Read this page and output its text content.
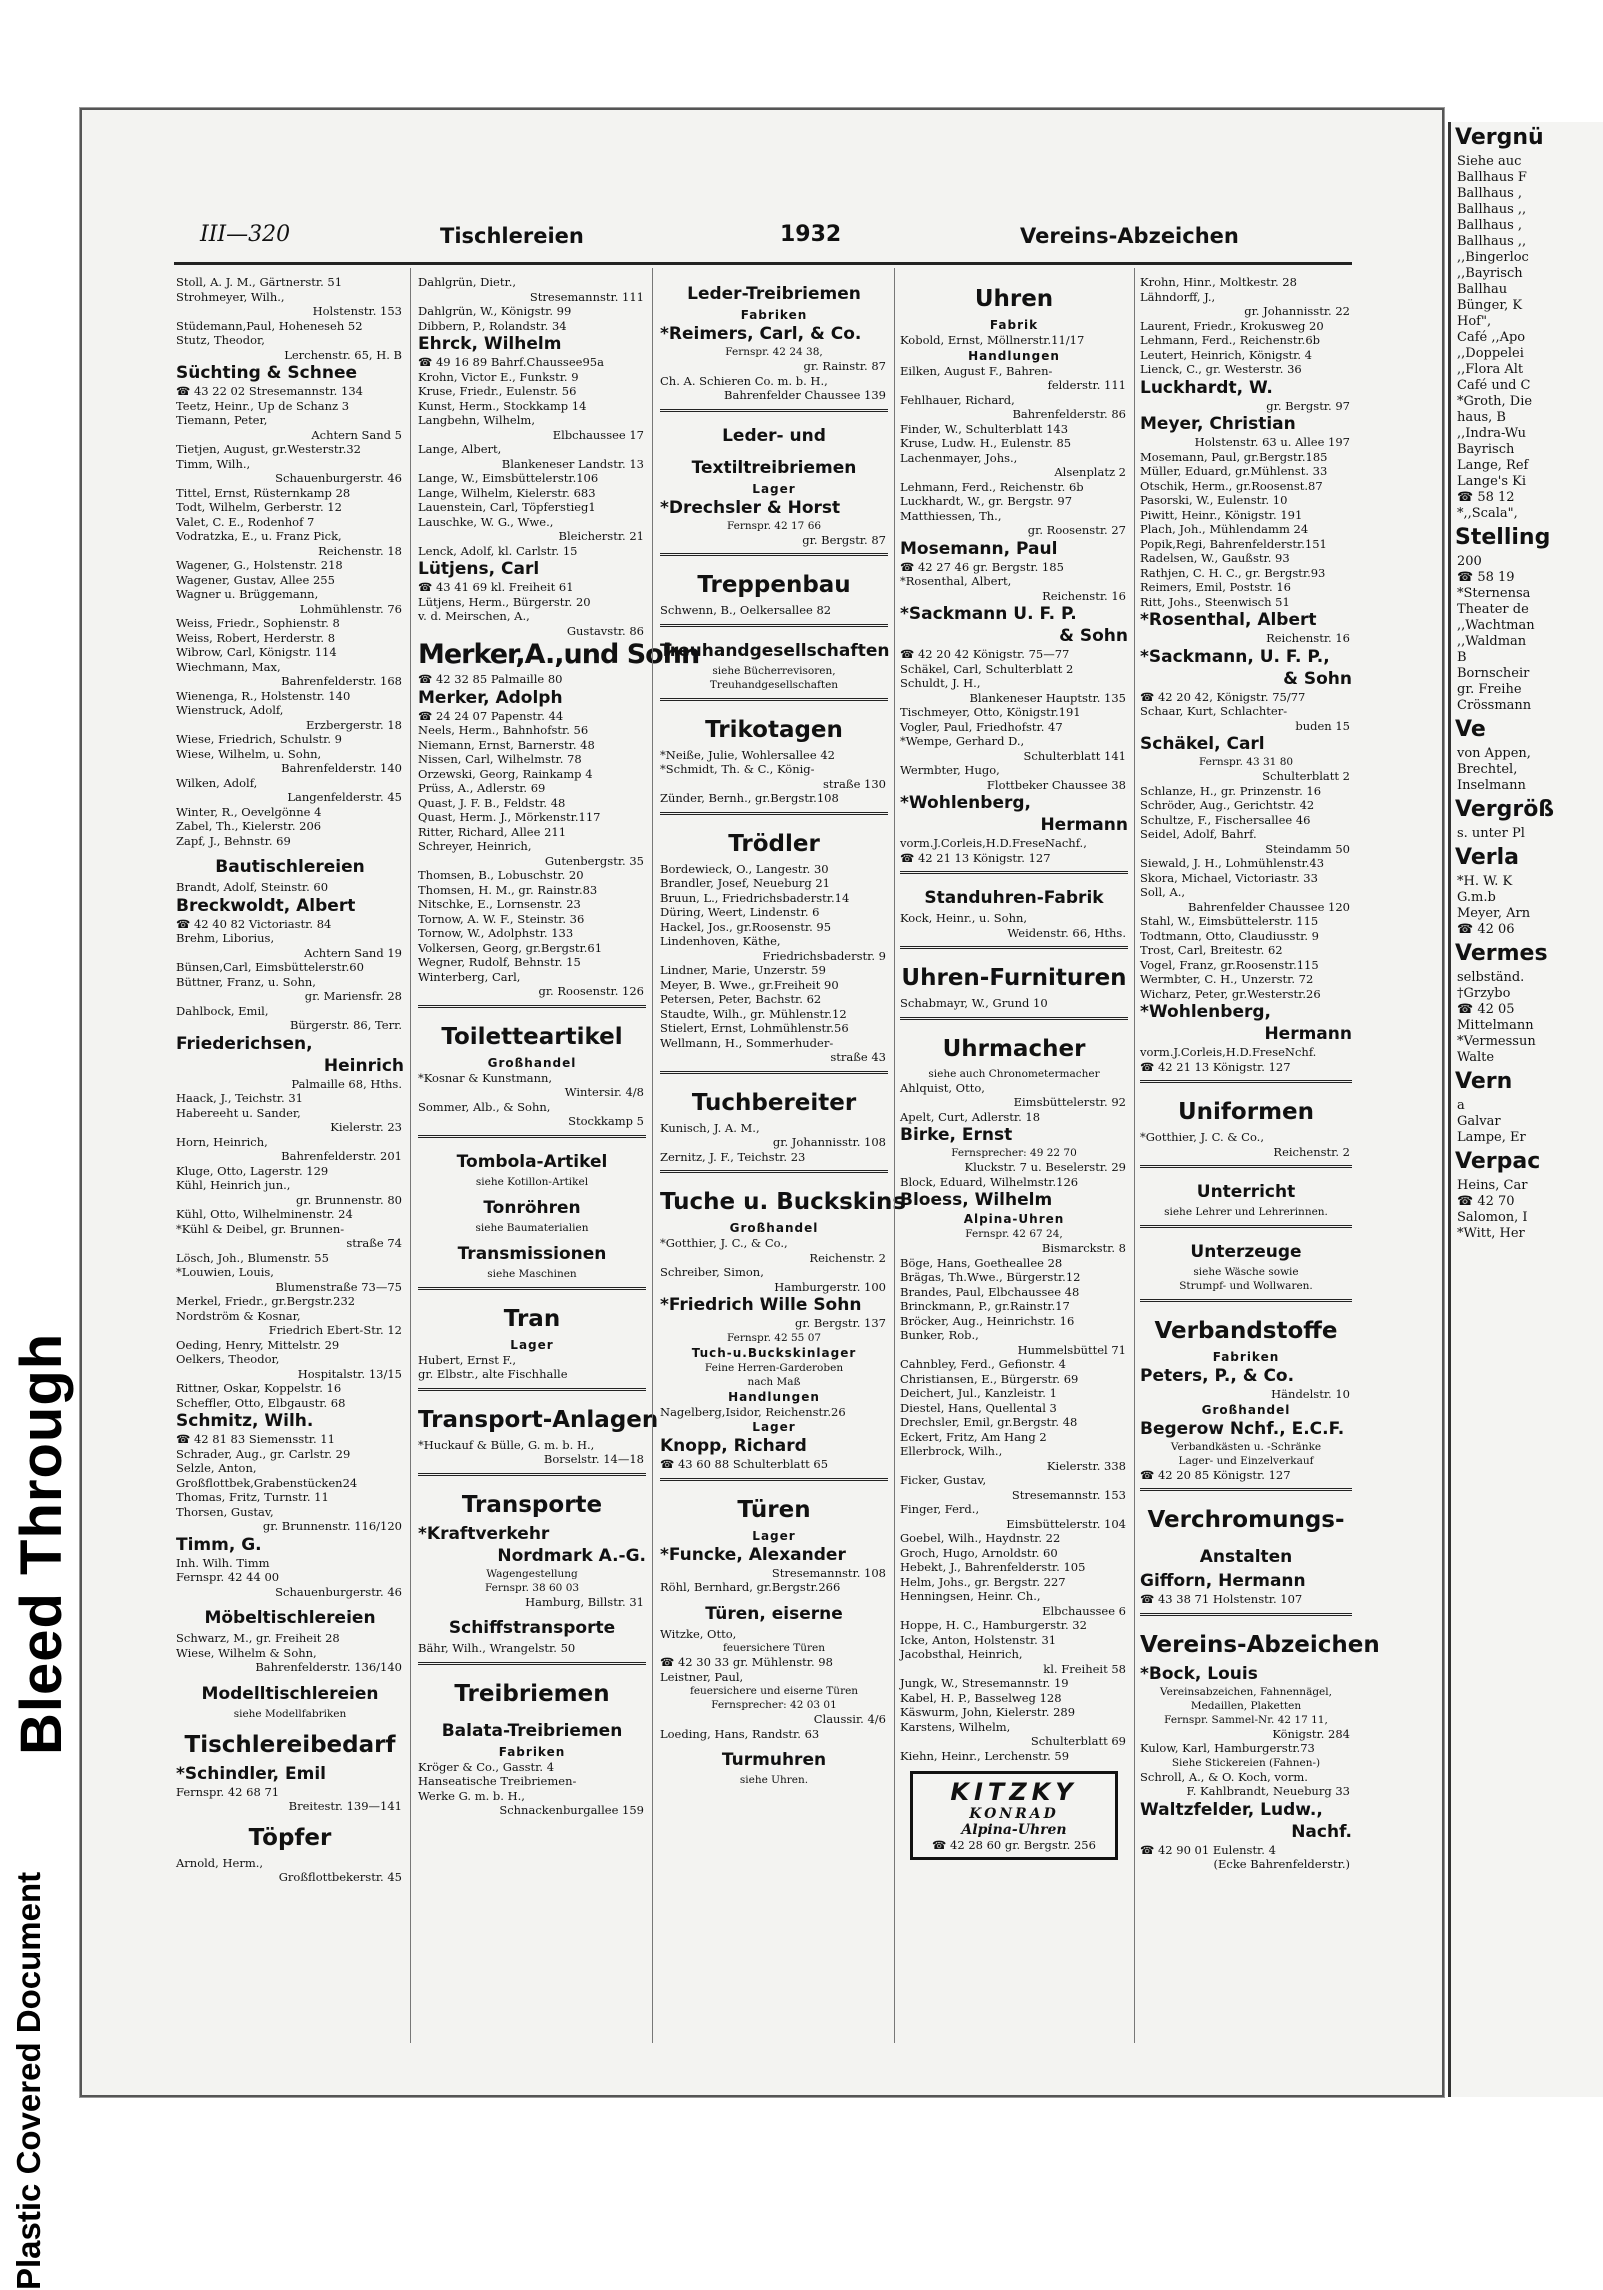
Bleed Through
Plastic Covered Document
Vergnü
Siehe auc
Ballhaus F
Ballhaus ,
Ballhaus ,,
Ballhaus ,
Ballhaus ,,
,,Bingerloc
,,Bayrisch
Ballhau
Bünger, K
Hof",
Café ,,Apo
,,Doppelei
,,Flora Alt
Café und C
*Groth, Die
haus, B
,,Indra-Wu
Bayrisch
Lange, Ref
Lange's Ki
☎ 58 12
*,,Scala",
Stelling
200
☎ 58 19
*Sternensa
Theater de
,,Wachtman
,,Waldman
B
Bornscheir
gr. Freihe
Crössmann
Ve
von Appen,
Brechtel,
Inselmann
Vergröß
s. unter Pl
Verla
*H. W. K
G.m.b
Meyer, Arn
☎ 42 06
Vermes
selbständ.
†Grzybo
☎ 42 05
Mittelmann
*Vermessun
Walte
Vern
a
Galvar
Lampe, Er
Verpac
Heins, Car
☎ 42 70
Salomon, I
*Witt, Her
III—320	Tischlereien	1932	Vereins-Abzeichen
Stoll, A. J. M., Gärtnerstr. 51
Strohmeyer, Wilh.,
Holstenstr. 153
Stüdemann,Paul, Hoheneseh 52
Stutz, Theodor,
Lerchenstr. 65, H. B
Süchting & Schnee
☎ 43 22 02 Stresemannstr. 134
Teetz, Heinr., Up de Schanz 3
Tiemann, Peter,
Achtern Sand 5
Tietjen, August, gr.Westerstr.32
Timm, Wilh.,
Schauenburgerstr. 46
Tittel, Ernst, Rüsternkamp 28
Todt, Wilhelm, Gerberstr. 12
Valet, C. E., Rodenhof 7
Vodratzka, E., u. Franz Pick,
Reichenstr. 18
Wagener, G., Holstenstr. 218
Wagener, Gustav, Allee 255
Wagner u. Brüggemann,
Lohmühlenstr. 76
Weiss, Friedr., Sophienstr. 8
Weiss, Robert, Herderstr. 8
Wibrow, Carl, Königstr. 114
Wiechmann, Max,
Bahrenfelderstr. 168
Wienenga, R., Holstenstr. 140
Wienstruck, Adolf,
Erzbergerstr. 18
Wiese, Friedrich, Schulstr. 9
Wiese, Wilhelm, u. Sohn,
Bahrenfelderstr. 140
Wilken, Adolf,
Langenfelderstr. 45
Winter, R., Oevelgönne 4
Zabel, Th., Kielerstr. 206
Zapf, J., Behnstr. 69
Bautischlereien
Brandt, Adolf, Steinstr. 60
Breckwoldt, Albert
☎ 42 40 82 Victoriastr. 84
Brehm, Liborius,
Achtern Sand 19
Bünsen,Carl, Eimsbüttelerstr.60
Büttner, Franz, u. Sohn,
gr. Mariensfr. 28
Dahlbock, Emil,
Bürgerstr. 86, Terr.
Friederichsen,
Heinrich
Palmaille 68, Hths.
Haack, J., Teichstr. 31
Habereeht u. Sander,
Kielerstr. 23
Horn, Heinrich,
Bahrenfelderstr. 201
Kluge, Otto, Lagerstr. 129
Kühl, Heinrich jun.,
gr. Brunnenstr. 80
Kühl, Otto, Wilhelminenstr. 24
*Kühl & Deibel, gr. Brunnen-
straße 74
Lösch, Joh., Blumenstr. 55
*Louwien, Louis,
Blumenstraße 73—75
Merkel, Friedr., gr.Bergstr.232
Nordström & Kosnar,
Friedrich Ebert-Str. 12
Oeding, Henry, Mittelstr. 29
Oelkers, Theodor,
Hospitalstr. 13/15
Rittner, Oskar, Koppelstr. 16
Scheffler, Otto, Elbgaustr. 68
Schmitz, Wilh.
☎ 42 81 83 Siemensstr. 11
Schrader, Aug., gr. Carlstr. 29
Selzle, Anton,
Großflottbek,Grabenstücken24
Thomas, Fritz, Turnstr. 11
Thorsen, Gustav,
gr. Brunnenstr. 116/120
Timm, G.
Inh. Wilh. Timm
Fernspr. 42 44 00
Schauenburgerstr. 46
Möbeltischlereien
Schwarz, M., gr. Freiheit 28
Wiese, Wilhelm & Sohn,
Bahrenfelderstr. 136/140
Modelltischlereien
siehe Modellfabriken
Tischlereibedarf
*Schindler, Emil
Fernspr. 42 68 71
Breitestr. 139—141
Töpfer
Arnold, Herm.,
Großflottbekerstr. 45
Dahlgrün, Dietr.,
Stresemannstr. 111
Dahlgrün, W., Königstr. 99
Dibbern, P., Rolandstr. 34
Ehrck, Wilhelm
☎ 49 16 89 Bahrf.Chaussee95a
Krohn, Victor E., Funkstr. 9
Kruse, Friedr., Eulenstr. 56
Kunst, Herm., Stockkamp 14
Langbehn, Wilhelm,
Elbchaussee 17
Lange, Albert,
Blankeneser Landstr. 13
Lange, W., Eimsbüttelerstr.106
Lange, Wilhelm, Kielerstr. 683
Lauenstein, Carl, Töpferstieg1
Lauschke, W. G., Wwe.,
Bleicherstr. 21
Lenck, Adolf, kl. Carlstr. 15
Lütjens, Carl
☎ 43 41 69 kl. Freiheit 61
Lütjens, Herm., Bürgerstr. 20
v. d. Meirschen, A.,
Gustavstr. 86
Merker,A.,und Sohn
☎ 42 32 85 Palmaille 80
Merker, Adolph
☎ 24 24 07 Papenstr. 44
Neels, Herm., Bahnhofstr. 56
Niemann, Ernst, Barnerstr. 48
Nissen, Carl, Wilhelmstr. 78
Orzewski, Georg, Rainkamp 4
Prüss, A., Adlerstr. 69
Quast, J. F. B., Feldstr. 48
Quast, Herm. J., Mörkenstr.117
Ritter, Richard, Allee 211
Schreyer, Heinrich,
Gutenbergstr. 35
Thomsen, B., Lobuschstr. 20
Thomsen, H. M., gr. Rainstr.83
Nitschke, E., Lornsenstr. 23
Tornow, A. W. F., Steinstr. 36
Tornow, W., Adolphstr. 133
Volkersen, Georg, gr.Bergstr.61
Wegner, Rudolf, Behnstr. 15
Winterberg, Carl,
gr. Roosenstr. 126
Toiletteartikel
Großhandel
*Kosnar & Kunstmann,
Wintersir. 4/8
Sommer, Alb., & Sohn,
Stockkamp 5
Tombola-Artikel
siehe Kotillon-Artikel
Tonröhren
siehe Baumaterialien
Transmissionen
siehe Maschinen
Tran
Lager
Hubert, Ernst F.,
gr. Elbstr., alte Fischhalle
Transport-Anlagen
*Huckauf & Bülle, G. m. b. H.,
Borselstr. 14—18
Transporte
*Kraftverkehr
Nordmark A.-G.
Wagengestellung
Fernspr. 38 60 03
Hamburg, Billstr. 31
Schiffstransporte
Bähr, Wilh., Wrangelstr. 50
Treibriemen
Balata-Treibriemen
Fabriken
Kröger & Co., Gasstr. 4
Hanseatische Treibriemen-
Werke G. m. b. H.,
Schnackenburgallee 159
Leder-Treibriemen
Fabriken
*Reimers, Carl, & Co.
Fernspr. 42 24 38,
gr. Rainstr. 87
Ch. A. Schieren Co. m. b. H.,
Bahrenfelder Chaussee 139
Leder- und
Textiltreibriemen
Lager
*Drechsler & Horst
Fernspr. 42 17 66
gr. Bergstr. 87
Treppenbau
Schwenn, B., Oelkersallee 82
Treuhandgesellschaften
siehe Bücherrevisoren,
Treuhandgesellschaften
Trikotagen
*Neiße, Julie, Wohlersallee 42
*Schmidt, Th. & C., König-
straße 130
Zünder, Bernh., gr.Bergstr.108
Trödler
Bordewieck, O., Langestr. 30
Brandler, Josef, Neueburg 21
Bruun, L., Friedrichsbaderstr.14
Düring, Weert, Lindenstr. 6
Hackel, Jos., gr.Roosenstr. 95
Lindenhoven, Käthe,
Friedrichsbaderstr. 9
Lindner, Marie, Unzerstr. 59
Meyer, B. Wwe., gr.Freiheit 90
Petersen, Peter, Bachstr. 62
Staudte, Wilh., gr. Mühlenstr.12
Stielert, Ernst, Lohmühlenstr.56
Wellmann, H., Sommerhuder-
straße 43
Tuchbereiter
Kunisch, J. A. M.,
gr. Johannisstr. 108
Zernitz, J. F., Teichstr. 23
Tuche u. Buckskins
Großhandel
*Gotthier, J. C., & Co.,
Reichenstr. 2
Schreiber, Simon,
Hamburgerstr. 100
*Friedrich Wille Sohn
gr. Bergstr. 137
Fernspr. 42 55 07
Tuch-u.Buckskinlager
Feine Herren-Garderoben
nach Maß
Handlungen
Nagelberg,Isidor, Reichenstr.26
Lager
Knopp, Richard
☎ 43 60 88 Schulterblatt 65
Türen
Lager
*Funcke, Alexander
Stresemannstr. 108
Röhl, Bernhard, gr.Bergstr.266
Türen, eiserne
Witzke, Otto,
feuersichere Türen
☎ 42 30 33 gr. Mühlenstr. 98
Leistner, Paul,
feuersichere und eiserne Türen
Fernsprecher: 42 03 01
Claussir. 4/6
Loeding, Hans, Randstr. 63
Turmuhren
siehe Uhren.
Uhren
Fabrik
Kobold, Ernst, Möllnerstr.11/17
Handlungen
Eilken, August F., Bahren-
felderstr. 111
Fehlhauer, Richard,
Bahrenfelderstr. 86
Finder, W., Schulterblatt 143
Kruse, Ludw. H., Eulenstr. 85
Lachenmayer, Johs.,
Alsenplatz 2
Lehmann, Ferd., Reichenstr. 6b
Luckhardt, W., gr. Bergstr. 97
Matthiessen, Th.,
gr. Roosenstr. 27
Mosemann, Paul
☎ 42 27 46 gr. Bergstr. 185
*Rosenthal, Albert,
Reichenstr. 16
*Sackmann U. F. P.
& Sohn
☎ 42 20 42 Königstr. 75—77
Schäkel, Carl, Schulterblatt 2
Schuldt, J. H.,
Blankeneser Hauptstr. 135
Tischmeyer, Otto, Königstr.191
Vogler, Paul, Friedhofstr. 47
*Wempe, Gerhard D.,
Schulterblatt 141
Wermbter, Hugo,
Flottbeker Chaussee 38
*Wohlenberg,
Hermann
vorm.J.Corleis,H.D.FreseNachf.,
☎ 42 21 13 Königstr. 127
Standuhren-Fabrik
Kock, Heinr., u. Sohn,
Weidenstr. 66, Hths.
Uhren-Furnituren
Schabmayr, W., Grund 10
Uhrmacher
siehe auch Chronometermacher
Ahlquist, Otto,
Eimsbüttelerstr. 92
Apelt, Curt, Adlerstr. 18
Birke, Ernst
Fernsprecher: 49 22 70
Kluckstr. 7 u. Beselerstr. 29
Block, Eduard, Wilhelmstr.126
Bloess, Wilhelm
Alpina-Uhren
Fernspr. 42 67 24,
Bismarckstr. 8
Böge, Hans, Goetheallee 28
Brägas, Th.Wwe., Bürgerstr.12
Brandes, Paul, Elbchaussee 48
Brinckmann, P., gr.Rainstr.17
Bröcker, Aug., Heinrichstr. 16
Bunker, Rob.,
Hummelsbüttel 71
Cahnbley, Ferd., Gefionstr. 4
Christiansen, E., Bürgerstr. 69
Deichert, Jul., Kanzleistr. 1
Diestel, Hans, Quellental 3
Drechsler, Emil, gr.Bergstr. 48
Eckert, Fritz, Am Hang 2
Ellerbrock, Wilh.,
Kielerstr. 338
Ficker, Gustav,
Stresemannstr. 153
Finger, Ferd.,
Eimsbüttelerstr. 104
Goebel, Wilh., Haydnstr. 22
Groch, Hugo, Arnoldstr. 60
Hebekt, J., Bahrenfelderstr. 105
Helm, Johs., gr. Bergstr. 227
Henningsen, Heinr. Ch.,
Elbchaussee 6
Hoppe, H. C., Hamburgerstr. 32
Icke, Anton, Holstenstr. 31
Jacobsthal, Heinrich,
kl. Freiheit 58
Jungk, W., Stresemannstr. 19
Kabel, H. P., Basselweg 128
Käswurm, John, Kielerstr. 289
Karstens, Wilhelm,
Schulterblatt 69
Kiehn, Heinr., Lerchenstr. 59
KITZKY
KONRAD
Alpina-Uhren
☎ 42 28 60 gr. Bergstr. 256
Krohn, Hinr., Moltkestr. 28
Lähndorff, J.,
gr. Johannisstr. 22
Laurent, Friedr., Krokusweg 20
Lehmann, Ferd., Reichenstr.6b
Leutert, Heinrich, Königstr. 4
Lienck, C., gr. Westerstr. 36
Luckhardt, W.
gr. Bergstr. 97
Meyer, Christian
Holstenstr. 63 u. Allee 197
Mosemann, Paul, gr.Bergstr.185
Müller, Eduard, gr.Mühlenst. 33
Otschik, Herm., gr.Roosenst.87
Pasorski, W., Eulenstr. 10
Piwitt, Heinr., Königstr. 191
Plach, Joh., Mühlendamm 24
Popik,Regi, Bahrenfelderstr.151
Radelsen, W., Gaußstr. 93
Rathjen, C. H. C., gr. Bergstr.93
Reimers, Emil, Poststr. 16
Ritt, Johs., Steenwisch 51
*Rosenthal, Albert
Reichenstr. 16
*Sackmann, U. F. P.,
& Sohn
☎ 42 20 42, Königstr. 75/77
Schaar, Kurt, Schlachter-
buden 15
Schäkel, Carl
Fernspr. 43 31 80
Schulterblatt 2
Schlanze, H., gr. Prinzenstr. 16
Schröder, Aug., Gerichtstr. 42
Schultze, F., Fischersallee 46
Seidel, Adolf, Bahrf.
Steindamm 50
Siewald, J. H., Lohmühlenstr.43
Skora, Michael, Victoriastr. 33
Soll, A.,
Bahrenfelder Chaussee 120
Stahl, W., Eimsbüttelerstr. 115
Todtmann, Otto, Claudiusstr. 9
Trost, Carl, Breitestr. 62
Vogel, Franz, gr.Roosenstr.115
Wermbter, C. H., Unzerstr. 72
Wicharz, Peter, gr.Westerstr.26
*Wohlenberg,
Hermann
vorm.J.Corleis,H.D.FreseNchf.
☎ 42 21 13 Königstr. 127
Uniformen
*Gotthier, J. C. & Co.,
Reichenstr. 2
Unterricht
siehe Lehrer und Lehrerinnen.
Unterzeuge
siehe Wäsche sowie
Strumpf- und Wollwaren.
Verbandstoffe
Fabriken
Peters, P., & Co.
Händelstr. 10
Großhandel
Begerow Nchf., E.C.F.
Verbandkästen u. -Schränke
Lager- und Einzelverkauf
☎ 42 20 85 Königstr. 127
Verchromungs-
Anstalten
Gifforn, Hermann
☎ 43 38 71 Holstenstr. 107
Vereins-Abzeichen
*Bock, Louis
Vereinsabzeichen, Fahnennägel,
Medaillen, Plaketten
Fernspr. Sammel-Nr. 42 17 11,
Königstr. 284
Kulow, Karl, Hamburgerstr.73
Siehe Stickereien (Fahnen-)
Schroll, A., & O. Koch, vorm.
F. Kahlbrandt, Neueburg 33
Waltzfelder, Ludw.,
Nachf.
☎ 42 90 01 Eulenstr. 4
(Ecke Bahrenfelderstr.)
